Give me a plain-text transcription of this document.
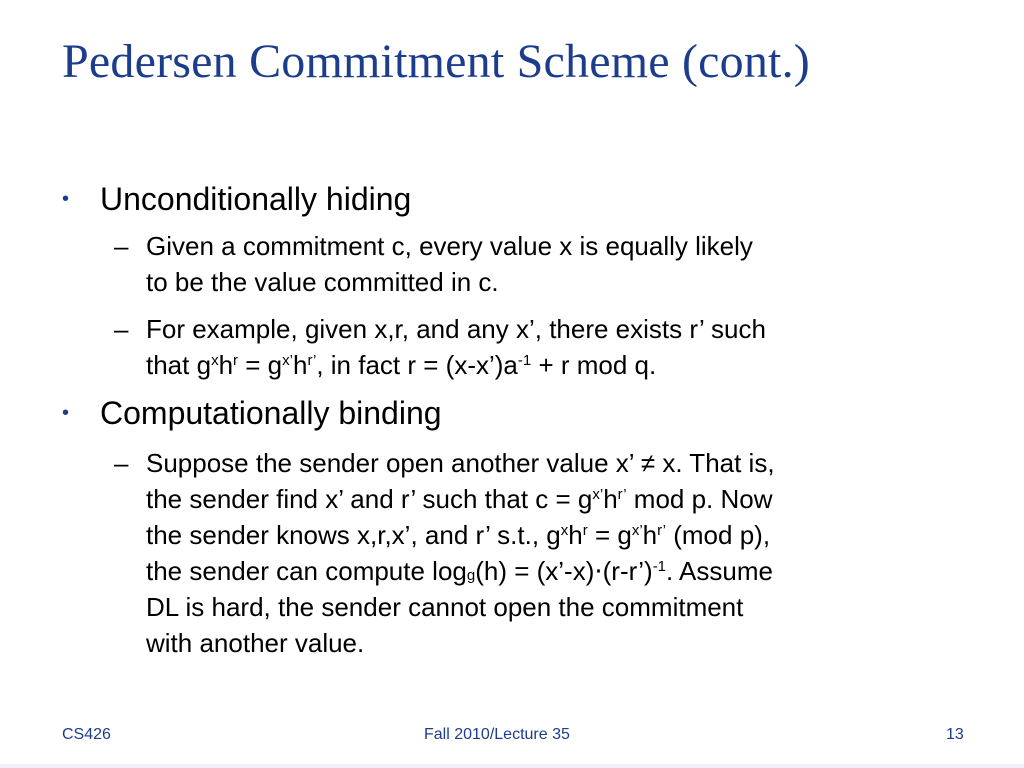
Pedersen Commitment Scheme (cont.)
• Unconditionally hiding
– Given a commitment c, every value x is equally likely
to be the value committed in c.
– For example, given x,r, and any x’, there exists r’ such
that $g^xh^r = g^{x’}h^{r’}$, in fact $r = (x-x’)a^{-1} + r$ mod q.
• Computationally binding
– Suppose the sender open another value x’ ≠ x. That is,
the sender find x’ and r’ such that $c = g^{x’}h^{r’}$ mod p. Now
the sender knows x,r,x’, and r’ s.t., $g^xh^r = g^{x’}h^{r’}$ (mod p),
the sender can compute $\log_g(h)$ = (x’-x)⋅(r-r’)$^{-1}$. Assume
DL is hard, the sender cannot open the commitment
with another value.
CS426	Fall 2010/Lecture 35	13
